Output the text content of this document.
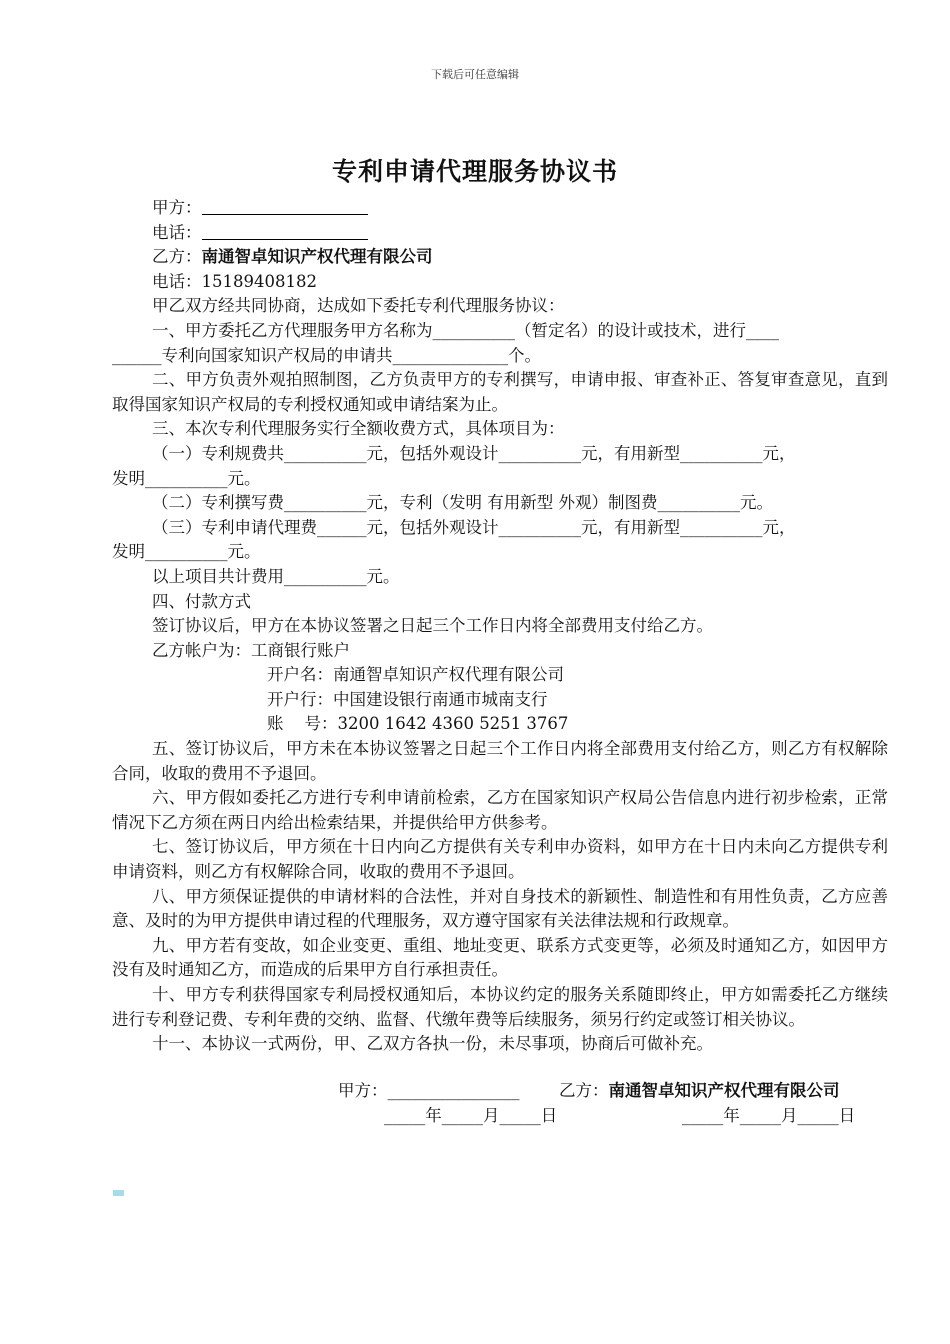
下载后可任意编辑
专利申请代理服务协议书
甲方：
电话：
乙方：南通智卓知识产权代理有限公司
电话：15189408182
甲乙双方经共同协商，达成如下委托专利代理服务协议：
一、甲方委托乙方代理服务甲方名称为__________（暂定名）的设计或技术，进行____
______专利向国家知识产权局的申请共______________个。
二、甲方负责外观拍照制图，乙方负责甲方的专利撰写，申请申报、审查补正、答复审查意见，直到取得国家知识产权局的专利授权通知或申请结案为止。
三、本次专利代理服务实行全额收费方式，具体项目为：
（一）专利规费共__________元，包括外观设计__________元，有用新型__________元，
发明__________元。
（二）专利撰写费__________元，专利（发明 有用新型 外观）制图费__________元。
（三）专利申请代理费______元，包括外观设计__________元，有用新型__________元，
发明__________元。
以上项目共计费用__________元。
四、付款方式
签订协议后，甲方在本协议签署之日起三个工作日内将全部费用支付给乙方。
乙方帐户为：工商银行账户
开户名：南通智卓知识产权代理有限公司
开户行：中国建设银行南通市城南支行
账    号：3200 1642 4360 5251 3767
五、签订协议后，甲方未在本协议签署之日起三个工作日内将全部费用支付给乙方，则乙方有权解除合同，收取的费用不予退回。
六、甲方假如委托乙方进行专利申请前检索，乙方在国家知识产权局公告信息内进行初步检索，正常情况下乙方须在两日内给出检索结果，并提供给甲方供参考。
七、签订协议后，甲方须在十日内向乙方提供有关专利申办资料，如甲方在十日内未向乙方提供专利申请资料，则乙方有权解除合同，收取的费用不予退回。
八、甲方须保证提供的申请材料的合法性，并对自身技术的新颖性、制造性和有用性负责，乙方应善意、及时的为甲方提供申请过程的代理服务，双方遵守国家有关法律法规和行政规章。
九、甲方若有变故，如企业变更、重组、地址变更、联系方式变更等，必须及时通知乙方，如因甲方没有及时通知乙方，而造成的后果甲方自行承担责任。
十、甲方专利获得国家专利局授权通知后，本协议约定的服务关系随即终止，甲方如需委托乙方继续进行专利登记费、专利年费的交纳、监督、代缴年费等后续服务，须另行约定或签订相关协议。
十一、本协议一式两份，甲、乙双方各执一份，未尽事项，协商后可做补充。
甲方：________________ 乙方：南通智卓知识产权代理有限公司
_____年_____月_____日	_____年_____月_____日
